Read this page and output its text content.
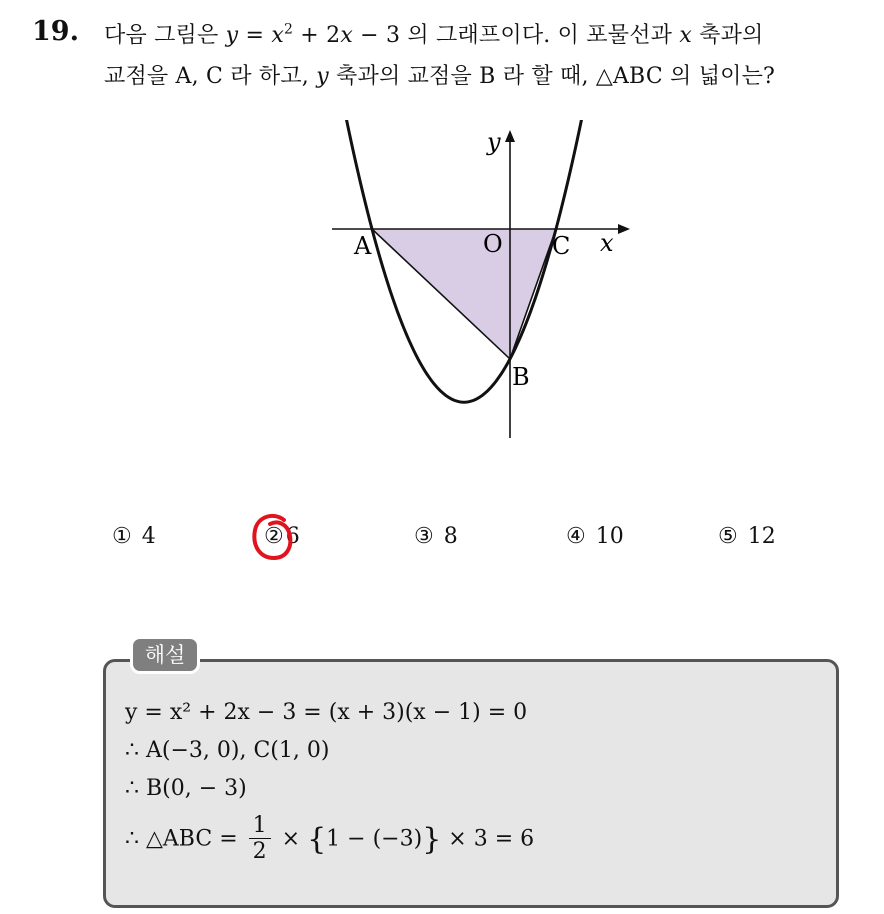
19. 다음 그림은 $y = x^2 + 2x - 3$ 의 그래프이다. 이 포물선과 x 축과의
교점을 A, C 라 하고, y 축과의 교점을 B 라 할 때, △ABC 의 넓이는?
y
x
O
A	C
B
① 4	②6	③ 8	④ 10	⑤ 12
해설
y = x² + 2x − 3 = (x + 3)(x − 1) = 0
∴ A(−3, 0), C(1, 0)
∴ B(0, − 3)
∴ △ABC = $\frac{1}{2} \times \{1 - (-3)\} \times 3 = 6$
